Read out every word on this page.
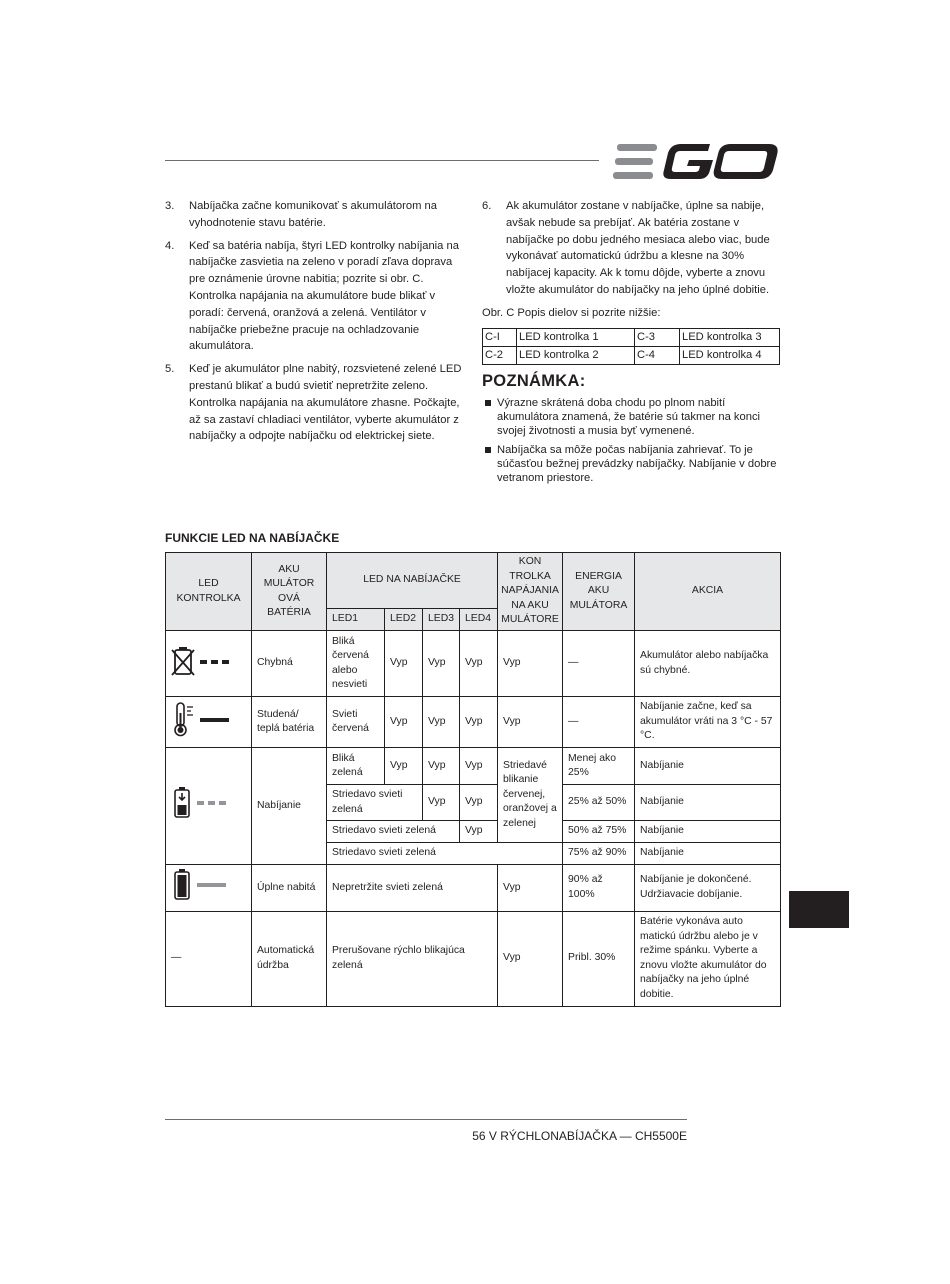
3. Nabíjačka začne komunikovať s akumulátorom na vyhodnotenie stavu batérie.
4. Keď sa batéria nabíja, štyri LED kontrolky nabíjania na nabíjačke zasvietia na zeleno v poradí zľava doprava pre oznámenie úrovne nabitia; pozrite si obr. C. Kontrolka napájania na akumulátore bude blikať v poradí: červená, oranžová a zelená. Ventilátor v nabíjačke priebežne pracuje na ochladzovanie akumulátora.
5. Keď je akumulátor plne nabitý, rozsvietené zelené LED prestanú blikať a budú svietiť nepretržite zeleno. Kontrolka napájania na akumulátore zhasne. Počkajte, až sa zastaví chladiaci ventilátor, vyberte akumulátor z nabíjačky a odpojte nabíjačku od elektrickej siete.
6. Ak akumulátor zostane v nabíjačke, úplne sa nabije, avšak nebude sa prebíjať. Ak batéria zostane v nabíjačke po dobu jedného mesiaca alebo viac, bude vykonávať automatickú údržbu a klesne na 30% nabíjacej kapacity. Ak k tomu dôjde, vyberte a znovu vložte akumulátor do nabíjačky na jeho úplné dobitie.
Obr. C Popis dielov si pozrite nižšie:
C-I	LED kontrolka 1	C-3	LED kontrolka 3
C-2	LED kontrolka 2	C-4	LED kontrolka 4
POZNÁMKA:
Výrazne skrátená doba chodu po plnom nabití akumulátora znamená, že batérie sú takmer na konci svojej životnosti a musia byť vymenené.
Nabíjačka sa môže počas nabíjania zahrievať. To je súčasťou bežnej prevádzky nabíjačky. Nabíjanie v dobre vetranom priestore.
FUNKCIE LED NA NABÍJAČKE
LED KONTROLKA	AKU MULÁTOR OVÁ BATÉRIA	LED NA NABÍJAČKE				KON TROLKA NAPÁJANIA NA AKU MULÁTORE	ENERGIA AKU MULÁTORA	AKCIA
		LED1	LED2	LED3	LED4			
	Chybná	Bliká červená alebo nesvieti	Vyp	Vyp	Vyp	Vyp	—	Akumulátor alebo nabíjačka sú chybné.
	Studená/ teplá batéria	Svieti červená	Vyp	Vyp	Vyp	Vyp	—	Nabíjanie začne, keď sa akumulátor vráti na 3 °C - 57 °C.
	Nabíjanie	Bliká zelená	Vyp	Vyp	Vyp	Striedavé blikanie červenej, oranžovej a zelenej	Menej ako 25%	Nabíjanie
		Striedavo svieti zelená		Vyp	Vyp		25% až 50%	Nabíjanie
		Striedavo svieti zelená			Vyp		50% až 75%	Nabíjanie
		Striedavo svieti zelená					75% až 90%	Nabíjanie
	Úplne nabitá	Nepretržite svieti zelená				Vyp	90% až 100%	Nabíjanie je dokončené. Udržiavacie dobíjanie.
—	Automatická údržba	Prerušovane rýchlo blikajúca zelená				Vyp	Pribl. 30%	Batérie vykonáva auto matickú údržbu alebo je v režime spánku. Vyberte a znovu vložte akumulátor do nabíjačky na jeho úplné dobitie.
56 V RÝCHLONABÍJAČKA — CH5500E
